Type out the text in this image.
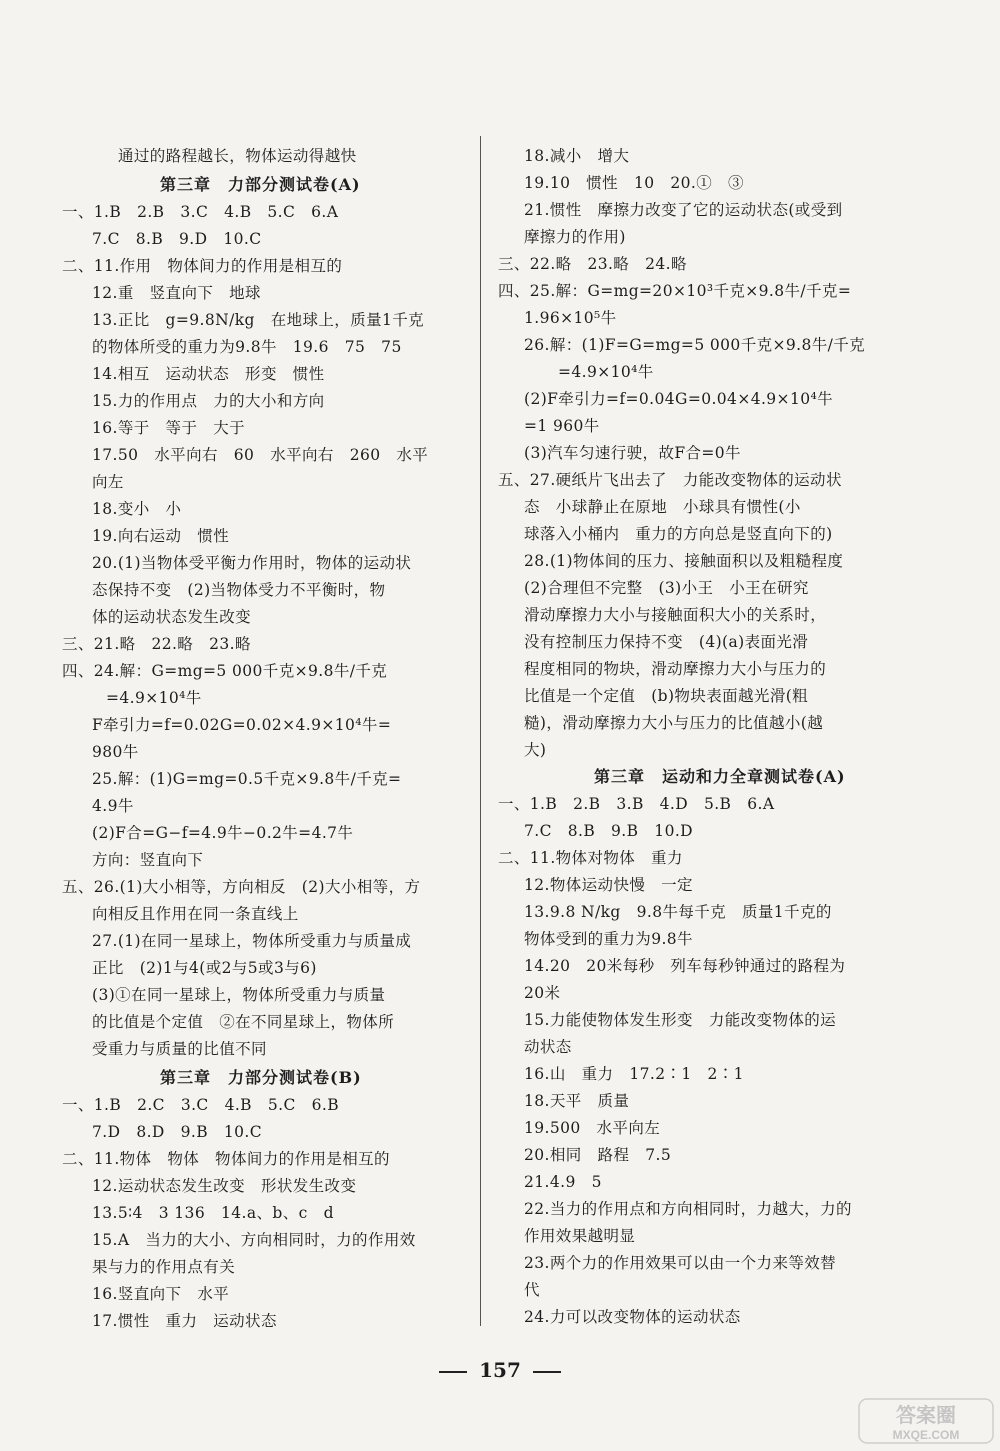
通过的路程越长，物体运动得越快
第三章　力部分测试卷(A)
一、1.B　2.B　3.C　4.B　5.C　6.A
7.C　8.B　9.D　10.C
二、11.作用　物体间力的作用是相互的
12.重　竖直向下　地球
13.正比　g=9.8N/kg　在地球上，质量1千克
的物体所受的重力为9.8牛　19.6　75　75
14.相互　运动状态　形变　惯性
15.力的作用点　力的大小和方向
16.等于　等于　大于
17.50　水平向右　60　水平向右　260　水平
向左
18.变小　小
19.向右运动　惯性
20.(1)当物体受平衡力作用时，物体的运动状
态保持不变　(2)当物体受力不平衡时，物
体的运动状态发生改变
三、21.略　22.略　23.略
四、24.解：G=mg=5 000千克×9.8牛/千克
=4.9×10⁴牛
F牵引力=f=0.02G=0.02×4.9×10⁴牛=
980牛
25.解：(1)G=mg=0.5千克×9.8牛/千克=
4.9牛
(2)F合=G−f=4.9牛−0.2牛=4.7牛
方向：竖直向下
五、26.(1)大小相等，方向相反　(2)大小相等，方
向相反且作用在同一条直线上
27.(1)在同一星球上，物体所受重力与质量成
正比　(2)1与4(或2与5或3与6)
(3)①在同一星球上，物体所受重力与质量
的比值是个定值　②在不同星球上，物体所
受重力与质量的比值不同
第三章　力部分测试卷(B)
一、1.B　2.C　3.C　4.B　5.C　6.B
7.D　8.D　9.B　10.C
二、11.物体　物体　物体间力的作用是相互的
12.运动状态发生改变　形状发生改变
13.5∶4　3 136　14.a、b、c　d
15.A　当力的大小、方向相同时，力的作用效
果与力的作用点有关
16.竖直向下　水平
17.惯性　重力　运动状态
18.减小　增大
19.10　惯性　10　20.①　③
21.惯性　摩擦力改变了它的运动状态(或受到
摩擦力的作用)
三、22.略　23.略　24.略
四、25.解：G=mg=20×10³千克×9.8牛/千克=
1.96×10⁵牛
26.解：(1)F=G=mg=5 000千克×9.8牛/千克
=4.9×10⁴牛
(2)F牵引力=f=0.04G=0.04×4.9×10⁴牛
=1 960牛
(3)汽车匀速行驶，故F合=0牛
五、27.硬纸片飞出去了　力能改变物体的运动状
态　小球静止在原地　小球具有惯性(小
球落入小桶内　重力的方向总是竖直向下的)
28.(1)物体间的压力、接触面积以及粗糙程度
(2)合理但不完整　(3)小王　小王在研究
滑动摩擦力大小与接触面积大小的关系时，
没有控制压力保持不变　(4)(a)表面光滑
程度相同的物块，滑动摩擦力大小与压力的
比值是一个定值　(b)物块表面越光滑(粗
糙)，滑动摩擦力大小与压力的比值越小(越
大)
第三章　运动和力全章测试卷(A)
一、1.B　2.B　3.B　4.D　5.B　6.A
7.C　8.B　9.B　10.D
二、11.物体对物体　重力
12.物体运动快慢　一定
13.9.8 N/kg　9.8牛每千克　质量1千克的
物体受到的重力为9.8牛
14.20　20米每秒　列车每秒钟通过的路程为
20米
15.力能使物体发生形变　力能改变物体的运
动状态
16.山　重力　17.2∶1　2∶1
18.天平　质量
19.500　水平向左
20.相同　路程　7.5
21.4.9　5
22.当力的作用点和方向相同时，力越大，力的
作用效果越明显
23.两个力的作用效果可以由一个力来等效替
代
24.力可以改变物体的运动状态
157
答案圈
MXQE.COM
